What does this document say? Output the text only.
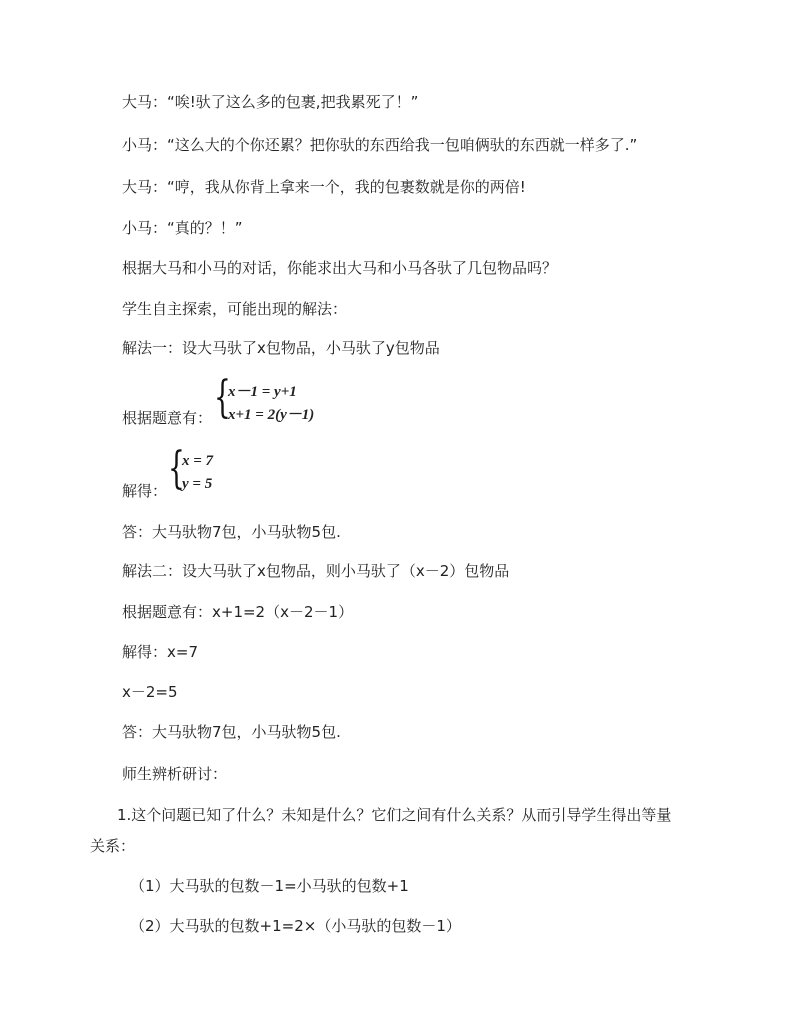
大马：“唉!驮了这么多的包裹,把我累死了！”
小马：“这么大的个你还累？把你驮的东西给我一包咱俩驮的东西就一样多了.”
大马：“哼，我从你背上拿来一个，我的包裹数就是你的两倍!
小马：“真的？！”
根据大马和小马的对话，你能求出大马和小马各驮了几包物品吗？
学生自主探索，可能出现的解法：
解法一：设大马驮了x包物品，小马驮了y包物品
根据题意有： {
x－1 = y+1
x+1 = 2(y－1)
解得： {
x = 7
y = 5
答：大马驮物7包，小马驮物5包.
解法二：设大马驮了x包物品，则小马驮了（x－2）包物品
根据题意有：x+1=2（x－2－1）
解得：x=7
x－2=5
答：大马驮物7包，小马驮物5包.
师生辨析研讨：
1.这个问题已知了什么？未知是什么？它们之间有什么关系？从而引导学生得出等量
关系：
（1）大马驮的包数－1=小马驮的包数+1
（2）大马驮的包数+1=2×（小马驮的包数－1）
